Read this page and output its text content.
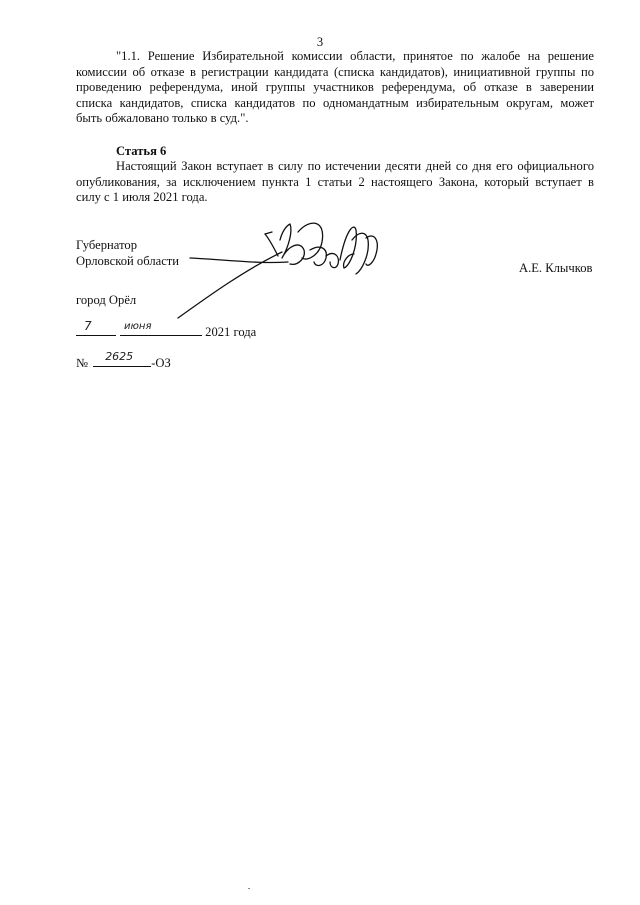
3
"1.1. Решение Избирательной комиссии области, принятое по жалобе на решение
комиссии об отказе в регистрации кандидата (списка кандидатов), инициативной группы по
проведению референдума, иной группы участников референдума, об отказе в заверении
списка кандидатов, списка кандидатов по одномандатным избирательным округам, может
быть обжаловано только в суд.".
Статья 6
Настоящий Закон вступает в силу по истечении десяти дней со дня его официального
опубликования, за исключением пункта 1 статьи 2 настоящего Закона, который вступает в
силу с 1 июля 2021 года.
Губернатор
Орловской области	А.Е. Клычков
город Орёл
7	июня	2021 года
№ 2625 -ОЗ
